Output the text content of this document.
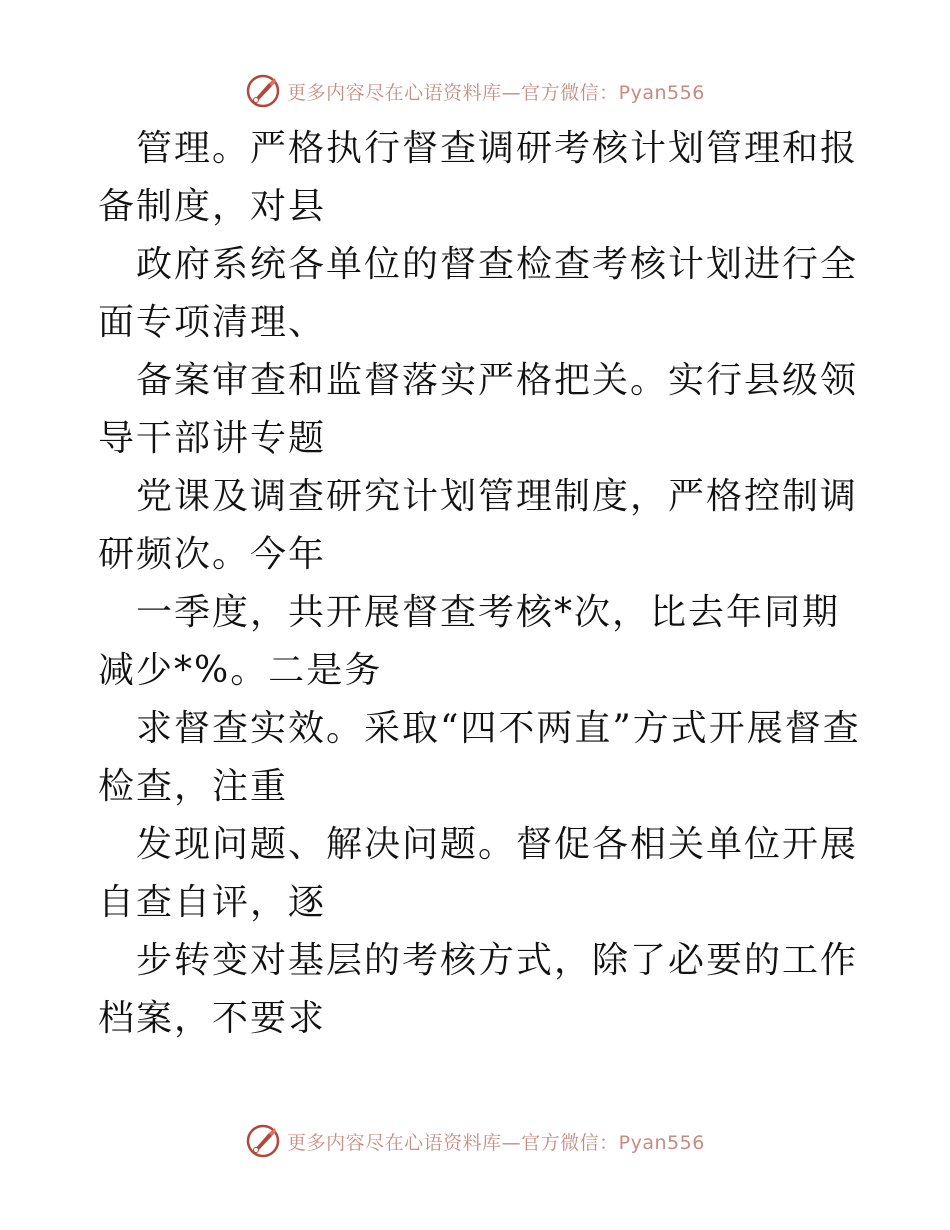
更多内容尽在心语资料库—官方微信：Pyan556

管理。严格执行督查调研考核计划管理和报备制度，对县

政府系统各单位的督查检查考核计划进行全面专项清理、

备案审查和监督落实严格把关。实行县级领导干部讲专题

党课及调查研究计划管理制度，严格控制调研频次。今年

一季度，共开展督查考核*次，比去年同期减少*%。二是务

求督查实效。采取“四不两直”方式开展督查检查，注重

发现问题、解决问题。督促各相关单位开展自查自评，逐

步转变对基层的考核方式，除了必要的工作档案，不要求

更多内容尽在心语资料库—官方微信：Pyan556
